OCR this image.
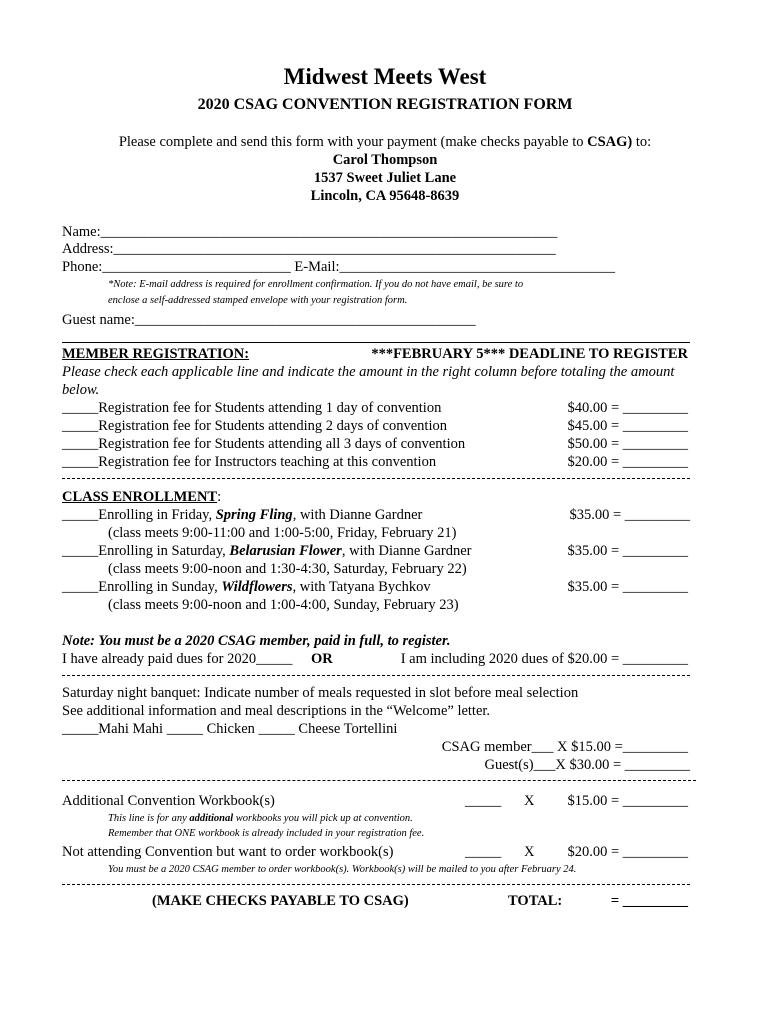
Midwest Meets West
2020 CSAG CONVENTION REGISTRATION FORM
Please complete and send this form with your payment (make checks payable to CSAG) to:
Carol Thompson
1537 Sweet Juliet Lane
Lincoln, CA 95648-8639
Name:_______________________________________________________________
Address:_____________________________________________________________
Phone:__________________________ E-Mail:______________________________________
*Note: E-mail address is required for enrollment confirmation. If you do not have email, be sure to
enclose a self-addressed stamped envelope with your registration form.
Guest name:_______________________________________________
MEMBER REGISTRATION:	***FEBRUARY 5*** DEADLINE TO REGISTER
Please check each applicable line and indicate the amount in the right column before totaling the amount
below.
_____Registration fee for Students attending 1 day of convention	$40.00 = _________
_____Registration fee for Students attending 2 days of convention	$45.00 = _________
_____Registration fee for Students attending all 3 days of convention	$50.00 = _________
_____Registration fee for Instructors teaching at this convention	$20.00 = _________
CLASS ENROLLMENT:
_____Enrolling in Friday, Spring Fling, with Dianne Gardner	$35.00 = _________
(class meets 9:00-11:00 and 1:00-5:00, Friday, February 21)
_____Enrolling in Saturday, Belarusian Flower, with Dianne Gardner	$35.00 = _________
(class meets 9:00-noon and 1:30-4:30, Saturday, February 22)
_____Enrolling in Sunday, Wildflowers, with Tatyana Bychkov	$35.00 = _________
(class meets 9:00-noon and 1:00-4:00, Sunday, February 23)
Note: You must be a 2020 CSAG member, paid in full, to register.
I have already paid dues for 2020_____ OR	I am including 2020 dues of $20.00 = _________
Saturday night banquet: Indicate number of meals requested in slot before meal selection
See additional information and meal descriptions in the “Welcome” letter.
_____Mahi Mahi _____ Chicken _____ Cheese Tortellini
CSAG member___ X $15.00 =_________
Guest(s)___X $30.00 = _________
Additional Convention Workbook(s)	_____ X $15.00 = _________
This line is for any additional workbooks you will pick up at convention.
Remember that ONE workbook is already included in your registration fee.
Not attending Convention but want to order workbook(s)	_____ X $20.00 = _________
You must be a 2020 CSAG member to order workbook(s). Workbook(s) will be mailed to you after February 24.
(MAKE CHECKS PAYABLE TO CSAG)	TOTAL:	= _________
